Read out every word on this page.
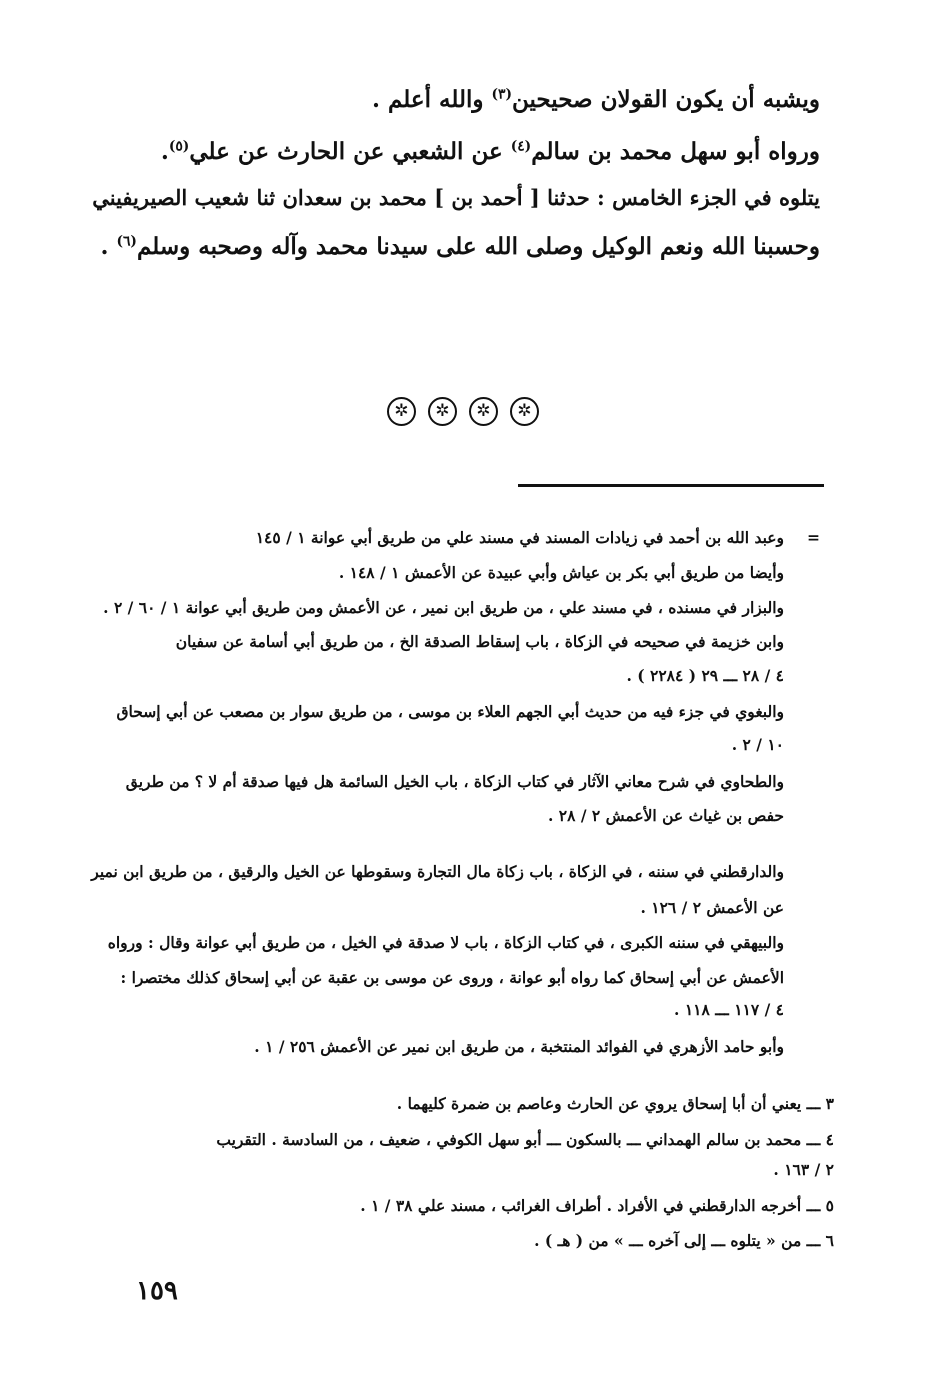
ويشبه أن يكون القولان صحيحين$^{(٣)}$ والله أعلم .
ورواه أبو سهل محمد بن سالم$^{(٤)}$ عن الشعبي عن الحارث عن علي$^{(٥)}$.
يتلوه في الجزء الخامس : حدثنا [ أحمد بن ] محمد بن سعدان ثنا شعيب الصيريفيني
وحسبنا الله ونعم الوكيل وصلى الله على سيدنا محمد وآله وصحبه وسلم$^{(٦)}$ .
✲	✲	✲	✲
=
وعبد الله بن أحمد في زيادات المسند في مسند علي من طريق أبي عوانة ١ / ١٤٥
وأيضا من طريق أبي بكر بن عياش وأبي عبيدة عن الأعمش ١ / ١٤٨ .
والبزار في مسنده ، في مسند علي ، من طريق ابن نمير ، عن الأعمش ومن طريق أبي عوانة ١ / ٦٠ / ٢ .
وابن خزيمة في صحيحه في الزكاة ، باب إسقاط الصدقة الخ ، من طريق أبي أسامة عن سفيان
٤ / ٢٨ ـــ ٢٩ ( ٢٢٨٤ ) .
والبغوي في جزء فيه من حديث أبي الجهم العلاء بن موسى ، من طريق سوار بن مصعب عن أبي إسحاق
١٠ / ٢ .
والطحاوي في شرح معاني الآثار في كتاب الزكاة ، باب الخيل السائمة هل فيها صدقة أم لا ؟ من طريق
حفص بن غياث عن الأعمش ٢ / ٢٨ .
والدارقطني في سننه ، في الزكاة ، باب زكاة مال التجارة وسقوطها عن الخيل والرقيق ، من طريق ابن نمير
عن الأعمش ٢ / ١٢٦ .
والبيهقي في سننه الكبرى ، في كتاب الزكاة ، باب لا صدقة في الخيل ، من طريق أبي عوانة وقال : ورواه
الأعمش عن أبي إسحاق كما رواه أبو عوانة ، وروى عن موسى بن عقبة عن أبي إسحاق كذلك مختصرا :
٤ / ١١٧ ـــ ١١٨ .
وأبو حامد الأزهري في الفوائد المنتخبة ، من طريق ابن نمير عن الأعمش ٢٥٦ / ١ .
٣ ـــ يعني أن أبا إسحاق يروي عن الحارث وعاصم بن ضمرة كليهما .
٤ ـــ محمد بن سالم الهمداني ـــ بالسكون ـــ أبو سهل الكوفي ، ضعيف ، من السادسة . التقريب
٢ / ١٦٣ .
٥ ـــ أخرجه الدارقطني في الأفراد . أطراف الغرائب ، مسند علي ٣٨ / ١ .
٦ ـــ من « يتلوه ـــ إلى آخره ـــ » من ( هـ ) .
١٥٩
